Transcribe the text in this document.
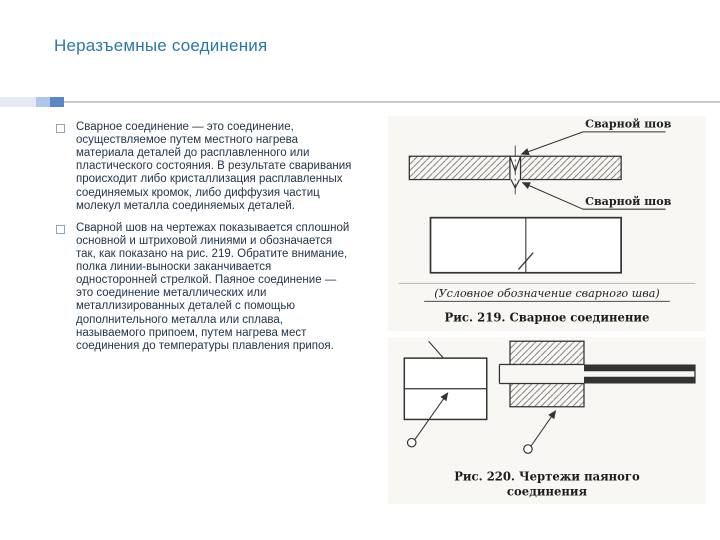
Неразъемные соединения
Сварное соединение — это соединение, осуществляемое путем местного нагрева материала деталей до расплавленного или пластического состояния. В результате сваривания происходит либо кристаллизация расплавленных соединяемых кромок, либо диффузия частиц молекул металла соединяемых деталей.
Сварной шов на чертежах показывается сплошной основной и штриховой линиями и обозначается так, как показано на рис. 219. Обратите внимание, полка линии-выноски заканчивается односторонней стрелкой. Паяное соединение — это соединение металлических или металлизированных деталей с помощью дополнительного металла или сплава, называемого припоем, путем нагрева мест соединения до температуры плавления припоя.
Сварной шов
Сварной шов
(Условное обозначение сварного шва)
Рис. 219. Сварное соединение
Рис. 220. Чертежи паяного
соединения
